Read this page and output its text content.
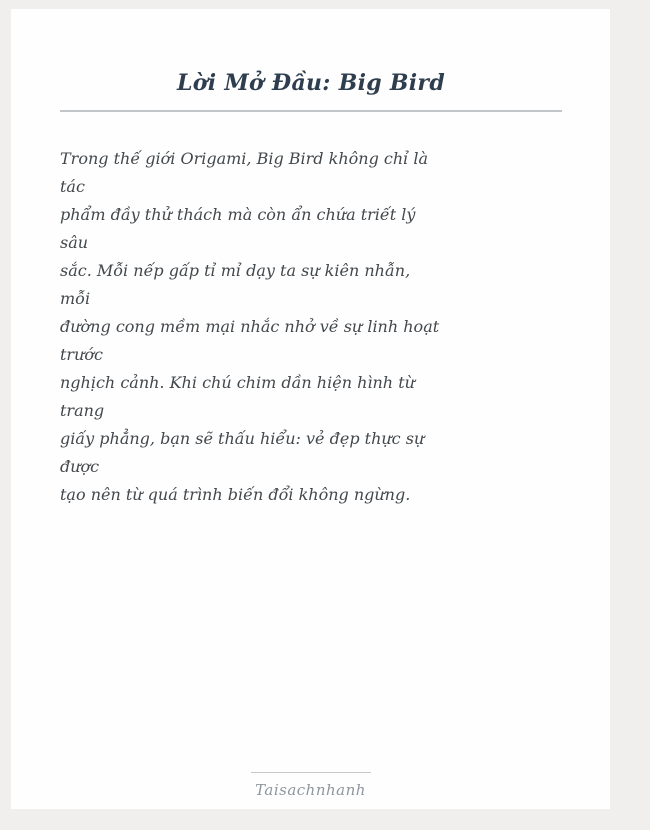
Lời Mở Đầu: Big Bird
Trong thế giới Origami, Big Bird không chỉ là
tác
phẩm đầy thử thách mà còn ẩn chứa triết lý
sâu
sắc. Mỗi nếp gấp tỉ mỉ dạy ta sự kiên nhẫn,
mỗi
đường cong mềm mại nhắc nhở về sự linh hoạt
trước
nghịch cảnh. Khi chú chim dần hiện hình từ
trang
giấy phẳng, bạn sẽ thấu hiểu: vẻ đẹp thực sự
được
tạo nên từ quá trình biến đổi không ngừng.
Taisachnhanh
